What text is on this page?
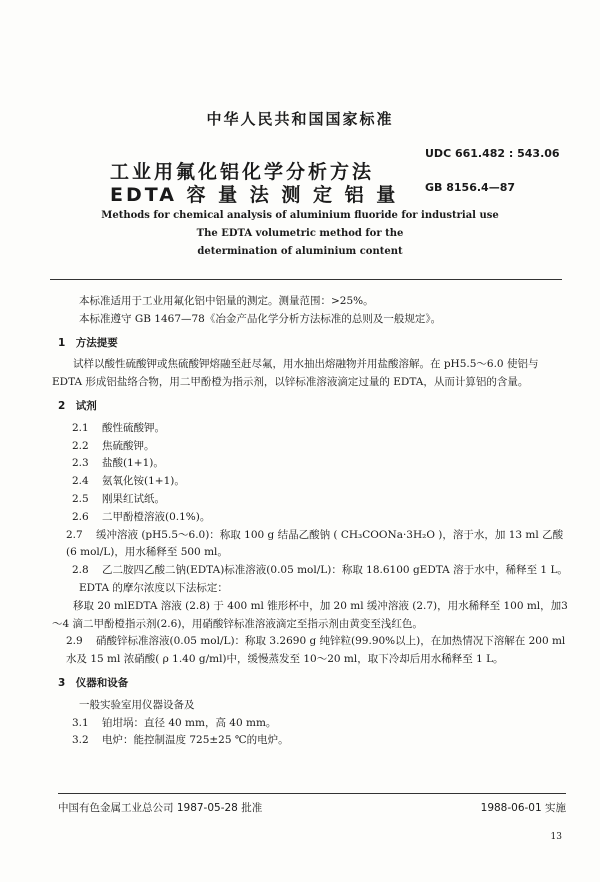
中华人民共和国国家标准
工业用氟化铝化学分析方法
EDTA 容 量 法 测 定 铝 量
UDC 661.482 : 543.06
GB 8156.4—87
Methods for chemical analysis of aluminium fluoride for industrial use
The EDTA volumetric method for the
determination of aluminium content

本标准适用于工业用氟化铝中铝量的测定。测量范围：>25%。

本标准遵守 GB 1467—78《冶金产品化学分析方法标准的总则及一般规定》。

1　方法提要

试样以酸性硫酸钾或焦硫酸钾熔融至赶尽氟，用水抽出熔融物并用盐酸溶解。在 pH5.5～6.0 使铝与 EDTA 形成铝盐络合物，用二甲酚橙为指示剂，以锌标准溶液滴定过量的 EDTA，从而计算铝的含量。

2　试剂

2.1 酸性硫酸钾。

2.2 焦硫酸钾。

2.3 盐酸(1+1)。

2.4 氨氧化铵(1+1)。

2.5 刚果红试纸。

2.6 二甲酚橙溶液(0.1%)。

2.7 缓冲溶液 (pH5.5～6.0)：称取 100 g 结晶乙酸钠 ( CH₃COONa·3H₂O )，溶于水，加 13 ml 乙酸(6 mol/L)，用水稀释至 500 ml。

2.8 乙二胺四乙酸二钠(EDTA)标准溶液(0.05 mol/L)：称取 18.6100 gEDTA 溶于水中，稀释至 1 L。

EDTA 的摩尔浓度以下法标定：

移取 20 mlEDTA 溶液 (2.8) 于 400 ml 锥形杯中，加 20 ml 缓冲溶液 (2.7)，用水稀释至 100 ml，加3～4 滴二甲酚橙指示剂(2.6)，用硝酸锌标准溶液滴定至指示剂由黄变至浅红色。

2.9 硝酸锌标准溶液(0.05 mol/L)：称取 3.2690 g 纯锌粒(99.90%以上)，在加热情况下溶解在 200 ml 水及 15 ml 浓硝酸( ρ 1.40 g/ml)中，缓慢蒸发至 10～20 ml，取下冷却后用水稀释至 1 L。

3　仪器和设备

一般实验室用仪器设备及

3.1 铂坩埚：直径 40 mm，高 40 mm。

3.2 电炉：能控制温度 725±25 ℃的电炉。

中国有色金属工业总公司 1987-05-28 批准	1988-06-01 实施
13
